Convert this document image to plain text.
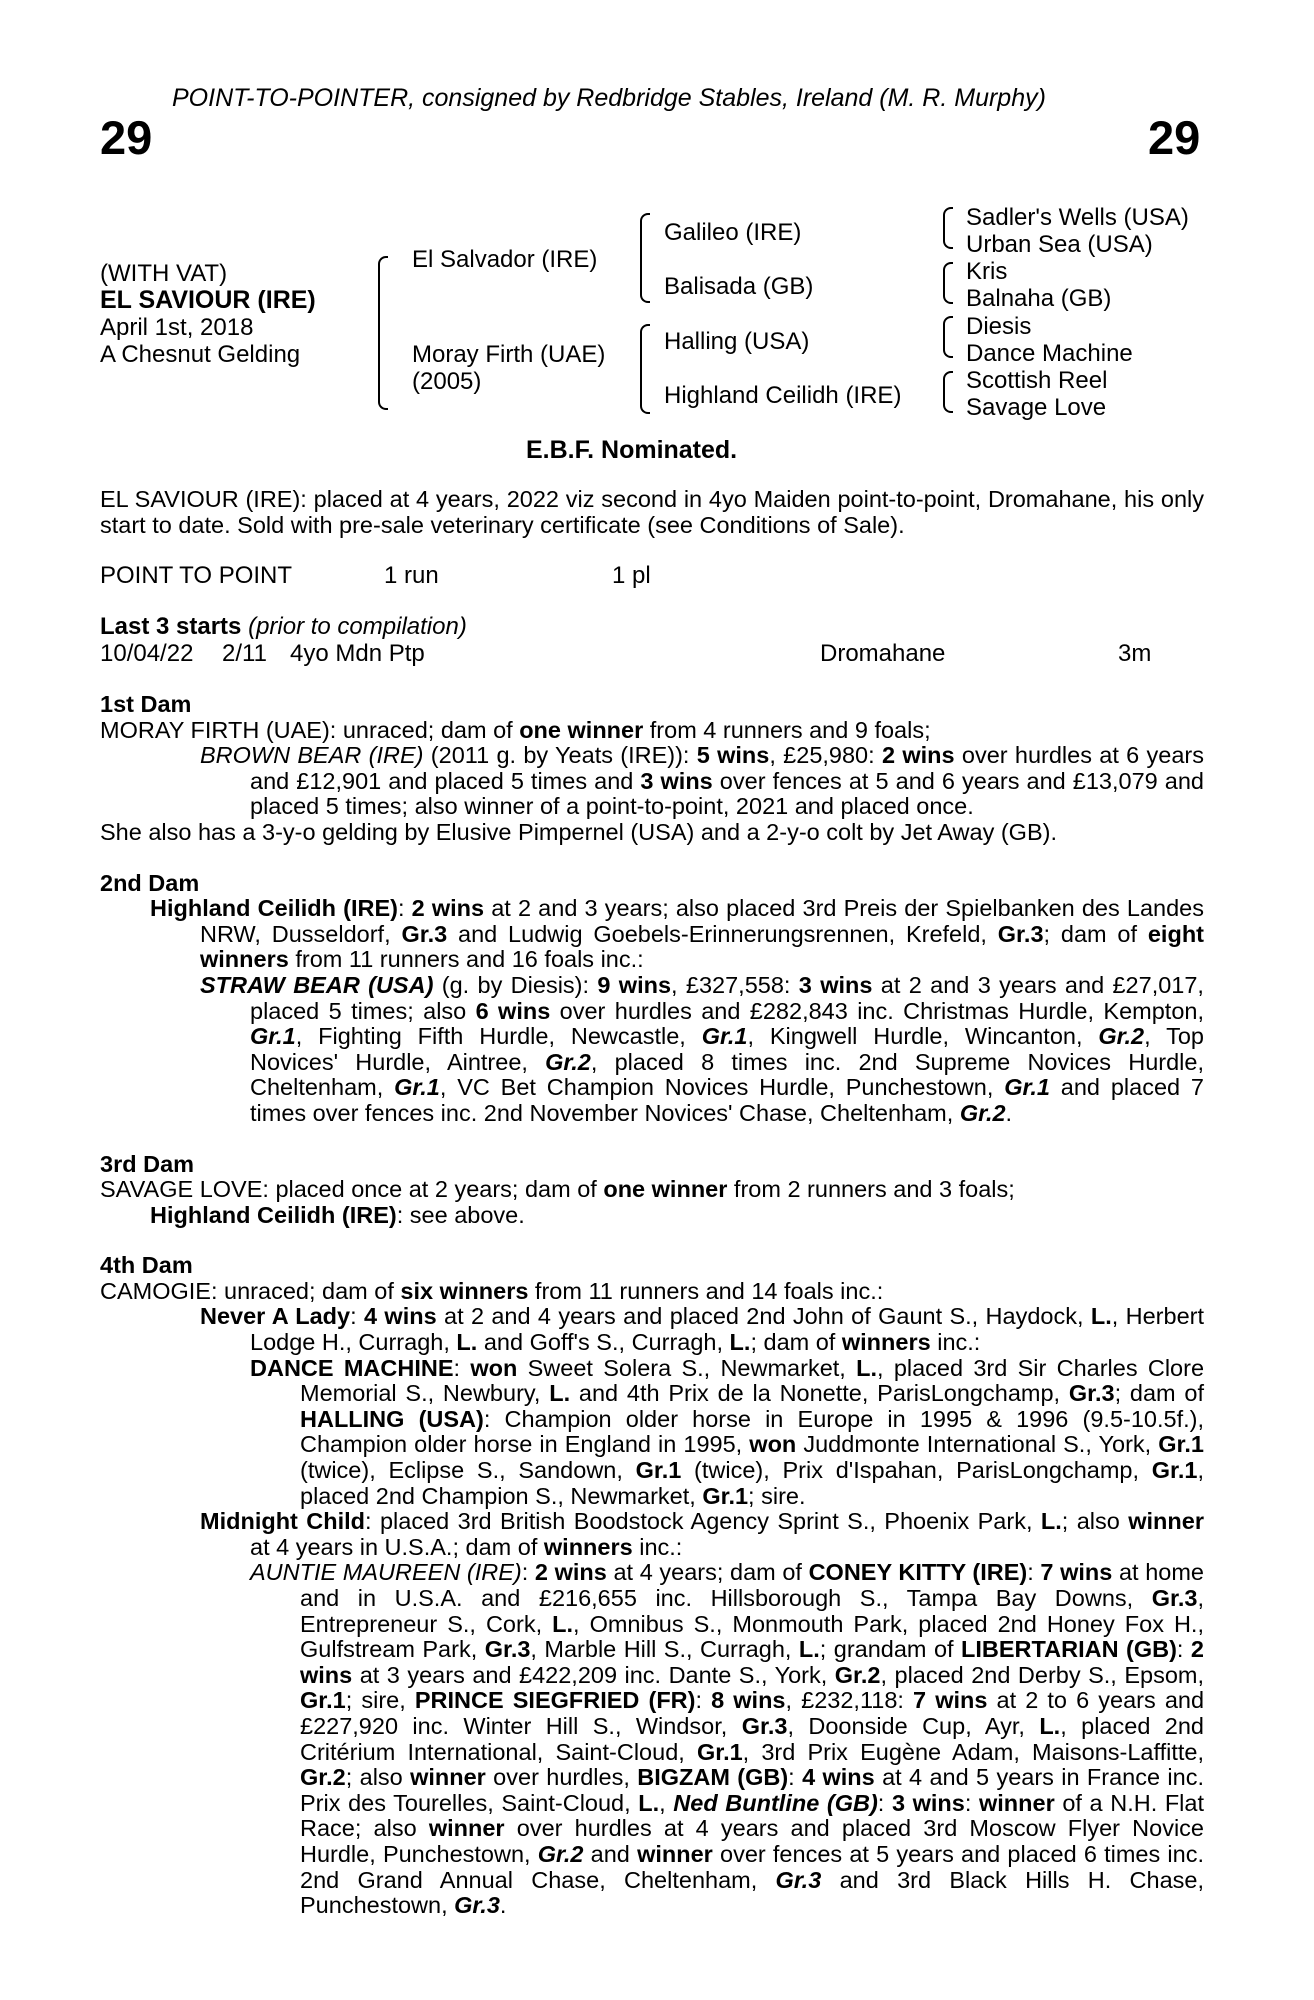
POINT-TO-POINTER, consigned by Redbridge Stables, Ireland (M. R. Murphy)
29	29
(WITH VAT)
EL SAVIOUR (IRE)
April 1st, 2018
A Chesnut Gelding
El Salvador (IRE)
Moray Firth (UAE)
(2005)
Galileo (IRE)
Balisada (GB)
Halling (USA)
Highland Ceilidh (IRE)
Sadler's Wells (USA)
Urban Sea (USA)
Kris
Balnaha (GB)
Diesis
Dance Machine
Scottish Reel
Savage Love
E.B.F. Nominated.

EL SAVIOUR (IRE): placed at 4 years, 2022 viz second in 4yo Maiden point-to-point, Dromahane, his only start to date. Sold with pre-sale veterinary certificate (see Conditions of Sale).

POINT TO POINT	1 run	1 pl
Last 3 starts (prior to compilation)
10/04/22 2/11 4yo Mdn Ptp	Dromahane	3m

1st Dam

MORAY FIRTH (UAE): unraced; dam of one winner from 4 runners and 9 foals;

BROWN BEAR (IRE) (2011 g. by Yeats (IRE)): 5 wins, £25,980: 2 wins over hurdles at 6 years and £12,901 and placed 5 times and 3 wins over fences at 5 and 6 years and £13,079 and placed 5 times; also winner of a point-to-point, 2021 and placed once.

She also has a 3-y-o gelding by Elusive Pimpernel (USA) and a 2-y-o colt by Jet Away (GB).

2nd Dam

Highland Ceilidh (IRE): 2 wins at 2 and 3 years; also placed 3rd Preis der Spielbanken des Landes NRW, Dusseldorf, Gr.3 and Ludwig Goebels-Erinnerungsrennen, Krefeld, Gr.3; dam of eight winners from 11 runners and 16 foals inc.:

STRAW BEAR (USA) (g. by Diesis): 9 wins, £327,558: 3 wins at 2 and 3 years and £27,017, placed 5 times; also 6 wins over hurdles and £282,843 inc. Christmas Hurdle, Kempton, Gr.1, Fighting Fifth Hurdle, Newcastle, Gr.1, Kingwell Hurdle, Wincanton, Gr.2, Top Novices' Hurdle, Aintree, Gr.2, placed 8 times inc. 2nd Supreme Novices Hurdle, Cheltenham, Gr.1, VC Bet Champion Novices Hurdle, Punchestown, Gr.1 and placed 7 times over fences inc. 2nd November Novices' Chase, Cheltenham, Gr.2.

3rd Dam

SAVAGE LOVE: placed once at 2 years; dam of one winner from 2 runners and 3 foals;

Highland Ceilidh (IRE): see above.

4th Dam

CAMOGIE: unraced; dam of six winners from 11 runners and 14 foals inc.:

Never A Lady: 4 wins at 2 and 4 years and placed 2nd John of Gaunt S., Haydock, L., Herbert Lodge H., Curragh, L. and Goff's S., Curragh, L.; dam of winners inc.:

DANCE MACHINE: won Sweet Solera S., Newmarket, L., placed 3rd Sir Charles Clore Memorial S., Newbury, L. and 4th Prix de la Nonette, ParisLongchamp, Gr.3; dam of HALLING (USA): Champion older horse in Europe in 1995 & 1996 (9.5-10.5f.), Champion older horse in England in 1995, won Juddmonte International S., York, Gr.1 (twice), Eclipse S., Sandown, Gr.1 (twice), Prix d'Ispahan, ParisLongchamp, Gr.1, placed 2nd Champion S., Newmarket, Gr.1; sire.

Midnight Child: placed 3rd British Boodstock Agency Sprint S., Phoenix Park, L.; also winner at 4 years in U.S.A.; dam of winners inc.:

AUNTIE MAUREEN (IRE): 2 wins at 4 years; dam of CONEY KITTY (IRE): 7 wins at home and in U.S.A. and £216,655 inc. Hillsborough S., Tampa Bay Downs, Gr.3, Entrepreneur S., Cork, L., Omnibus S., Monmouth Park, placed 2nd Honey Fox H., Gulfstream Park, Gr.3, Marble Hill S., Curragh, L.; grandam of LIBERTARIAN (GB): 2 wins at 3 years and £422,209 inc. Dante S., York, Gr.2, placed 2nd Derby S., Epsom, Gr.1; sire, PRINCE SIEGFRIED (FR): 8 wins, £232,118: 7 wins at 2 to 6 years and £227,920 inc. Winter Hill S., Windsor, Gr.3, Doonside Cup, Ayr, L., placed 2nd Critérium International, Saint-Cloud, Gr.1, 3rd Prix Eugène Adam, Maisons-Laffitte, Gr.2; also winner over hurdles, BIGZAM (GB): 4 wins at 4 and 5 years in France inc. Prix des Tourelles, Saint-Cloud, L., Ned Buntline (GB): 3 wins: winner of a N.H. Flat Race; also winner over hurdles at 4 years and placed 3rd Moscow Flyer Novice Hurdle, Punchestown, Gr.2 and winner over fences at 5 years and placed 6 times inc. 2nd Grand Annual Chase, Cheltenham, Gr.3 and 3rd Black Hills H. Chase, Punchestown, Gr.3.
